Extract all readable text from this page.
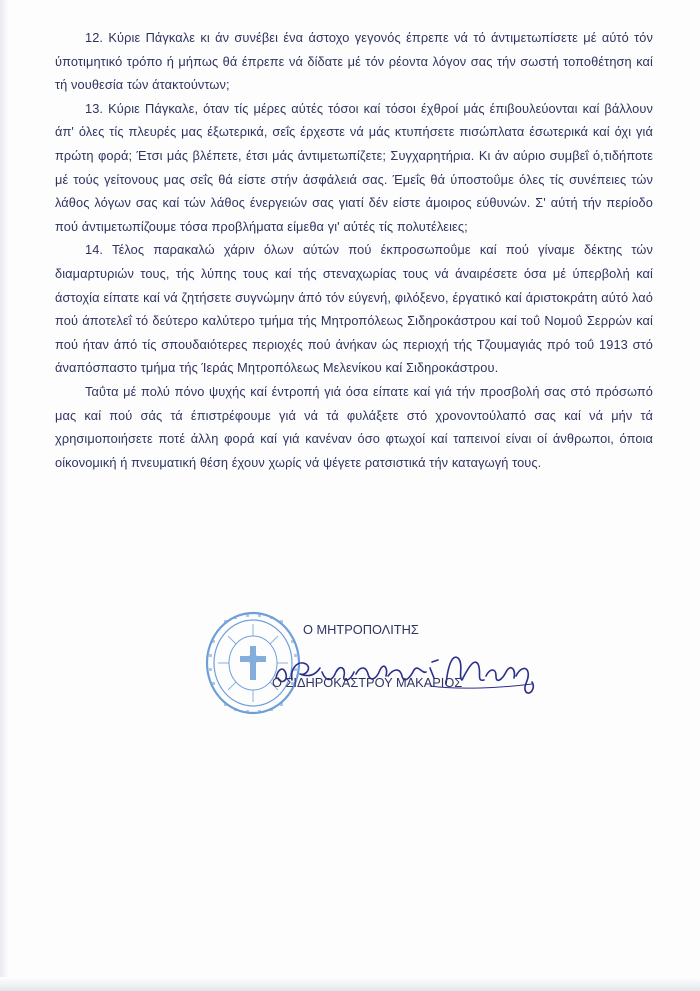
12. Κύριε Πάγκαλε κι άν συνέβει ένα άστοχο γεγονός έπρεπε νά τό άντιμετωπίσετε μέ αύτό τόν ύποτιμητικό τρόπο ή μήπως θά έπρεπε νά δίδατε μέ τόν ρέοντα λόγον σας τήν σωστή τοποθέτηση καί τή νουθεσία τών άτακτούντων;

13. Κύριε Πάγκαλε, όταν τίς μέρες αύτές τόσοι καί τόσοι έχθροί μάς έπιβουλεύονται καί βάλλουν άπ' όλες τίς πλευρές μας έξωτερικά, σεΐς έρχεστε νά μάς κτυπήσετε πισώπλατα έσωτερικά καί όχι γιά πρώτη φορά; Έτσι μάς βλέπετε, έτσι μάς άντιμετωπίζετε; Συγχαρητήρια. Κι άν αύριο συμβεΐ ό,τιδήποτε μέ τούς γείτονους μας σεΐς θά είστε στήν άσφάλειά σας. Έμεΐς θά ύποστοΰμε όλες τίς συνέπειες τών λάθος λόγων σας καί τών λάθος ένεργειών σας γιατί δέν είστε άμοιρος εύθυνών. Σ' αύτή τήν περίοδο πού άντιμετωπίζουμε τόσα προβλήματα είμεθα γι' αύτές τίς πολυτέλειες;

14. Τέλος παρακαλώ χάριν όλων αύτών πού έκπροσωποΰμε καί πού γίναμε δέκτης τών διαμαρτυριών τους, τής λύπης τους καί τής στεναχωρίας τους νά άναιρέσετε όσα μέ ύπερβολή καί άστοχία είπατε καί νά ζητήσετε συγνώμην άπό τόν εύγενή, φιλόξενο, έργατικό καί άριστοκράτη αύτό λαό πού άποτελεΐ τό δεύτερο καλύτερο τμήμα τής Μητροπόλεως Σιδηροκάστρου καί τοΰ Νομοΰ Σερρών καί πού ήταν άπό τίς σπουδαιότερες περιοχές πού άνήκαν ώς περιοχή τής Τζουμαγιάς πρό τοΰ 1913 στό άναπόσπαστο τμήμα τής Ίεράς Μητροπόλεως Μελενίκου καί Σιδηροκάστρου.

Ταΰτα μέ πολύ πόνο ψυχής καί έντροπή γιά όσα είπατε καί γιά τήν προσβολή σας στό πρόσωπό μας καί πού σάς τά έπιστρέφουμε γιά νά τά φυλάξετε στό χρονοντούλαπό σας καί νά μήν τά χρησιμοποιήσετε ποτέ άλλη φορά καί γιά κανέναν όσο φτωχοί καί ταπεινοί είναι οί άνθρωποι, όποια οίκονομική ή πνευματική θέση έχουν χωρίς νά ψέγετε ρατσιστικά τήν καταγωγή τους.

Ο ΜΗΤΡΟΠΟΛΙΤΗΣ
Ο ΣΙΔΗΡΟΚΑΣΤΡΟΥ ΜΑΚΑΡΙΟΣ
